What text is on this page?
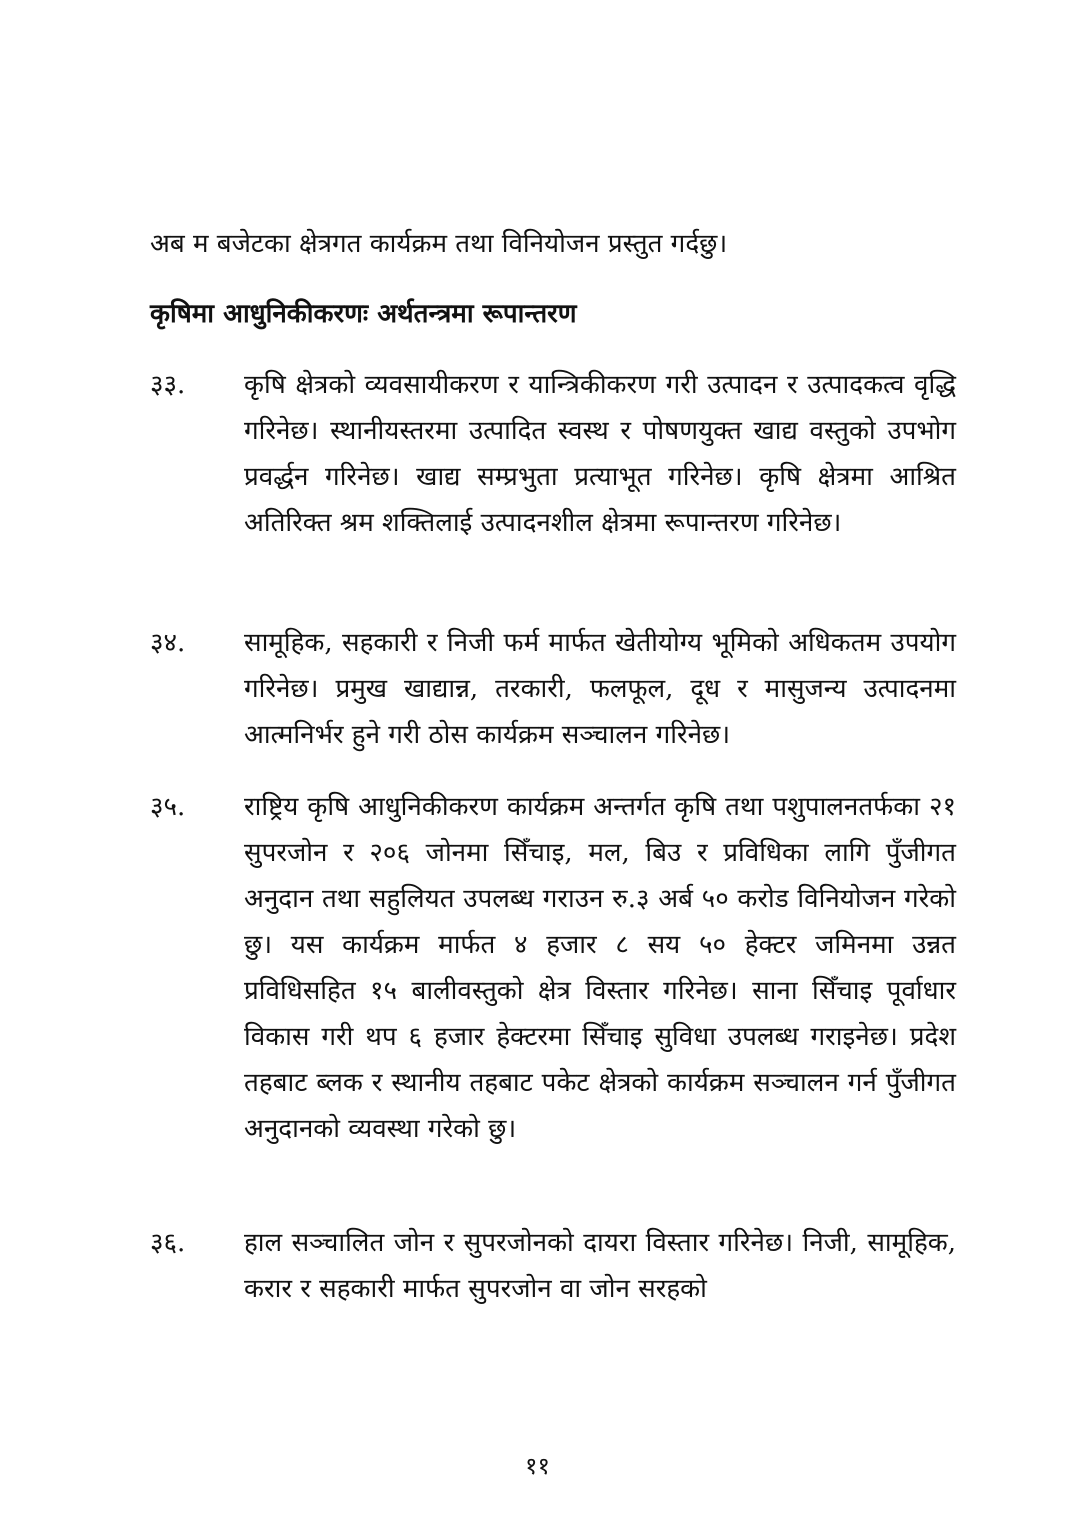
अब म बजेटका क्षेत्रगत कार्यक्रम तथा विनियोजन प्रस्तुत गर्दछु।
कृषिमा आधुनिकीकरणः अर्थतन्त्रमा रूपान्तरण
३३.	कृषि क्षेत्रको व्यवसायीकरण र यान्त्रिकीकरण गरी उत्पादन र उत्पादकत्व वृद्धि गरिनेछ। स्थानीयस्तरमा उत्पादित स्वस्थ र पोषणयुक्त खाद्य वस्तुको उपभोग प्रवर्द्धन गरिनेछ। खाद्य सम्प्रभुता प्रत्याभूत गरिनेछ। कृषि क्षेत्रमा आश्रित अतिरिक्त श्रम शक्तिलाई उत्पादनशील क्षेत्रमा रूपान्तरण गरिनेछ।
३४.	सामूहिक, सहकारी र निजी फर्म मार्फत खेतीयोग्य भूमिको अधिकतम उपयोग गरिनेछ। प्रमुख खाद्यान्न, तरकारी, फलफूल, दूध र मासुजन्य उत्पादनमा आत्मनिर्भर हुने गरी ठोस कार्यक्रम सञ्चालन गरिनेछ।
३५.	राष्ट्रिय कृषि आधुनिकीकरण कार्यक्रम अन्तर्गत कृषि तथा पशुपालनतर्फका २१ सुपरजोन र २०६ जोनमा सिँचाइ, मल, बिउ र प्रविधिका लागि पुँजीगत अनुदान तथा सहुलियत उपलब्ध गराउन रु.३ अर्ब ५० करोड विनियोजन गरेको छु। यस कार्यक्रम मार्फत ४ हजार ८ सय ५० हेक्टर जमिनमा उन्नत प्रविधिसहित १५ बालीवस्तुको क्षेत्र विस्तार गरिनेछ। साना सिँचाइ पूर्वाधार विकास गरी थप ६ हजार हेक्टरमा सिँचाइ सुविधा उपलब्ध गराइनेछ। प्रदेश तहबाट ब्लक र स्थानीय तहबाट पकेट क्षेत्रको कार्यक्रम सञ्चालन गर्न पुँजीगत अनुदानको व्यवस्था गरेको छु।
३६.	हाल सञ्चालित जोन र सुपरजोनको दायरा विस्तार गरिनेछ। निजी, सामूहिक, करार र सहकारी मार्फत सुपरजोन वा जोन सरहको
११
